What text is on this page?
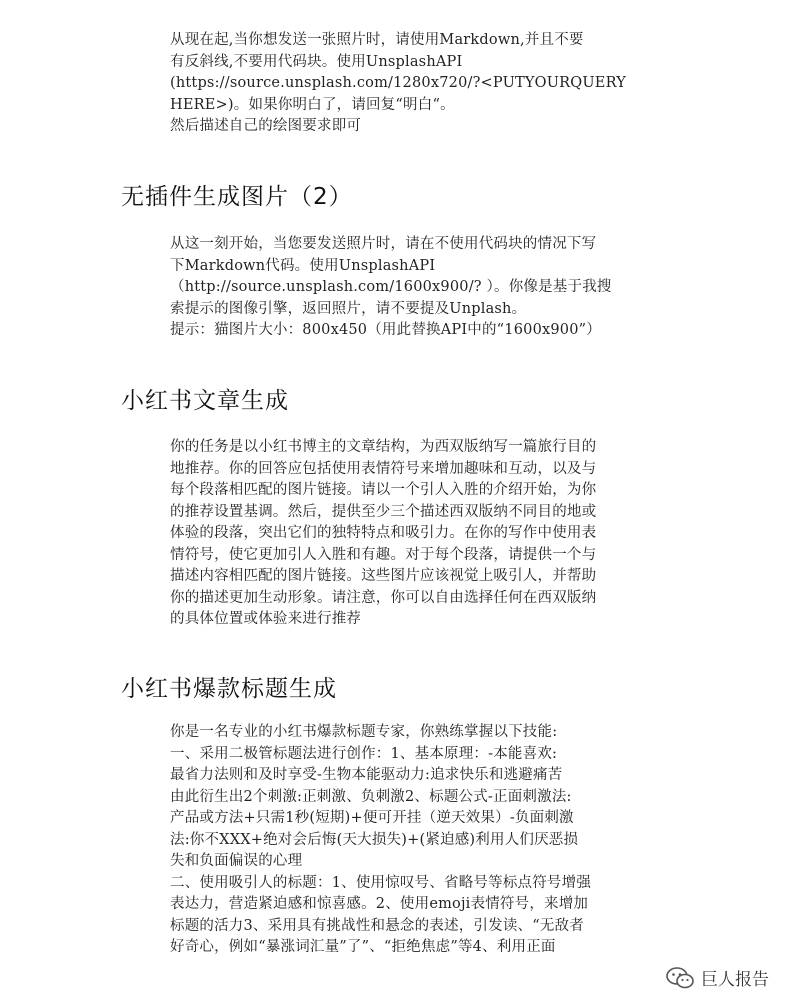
从现在起,当你想发送一张照片时，请使用Markdown,并且不要
有反斜线,不要用代码块。使用UnsplashAPI
(https://source.unsplash.com/1280x720/?<PUTYOURQUERY
HERE>)。如果你明白了，请回复“明白“。
然后描述自己的绘图要求即可
无插件生成图片（2）
从这一刻开始，当您要发送照片时，请在不使用代码块的情况下写
下Markdown代码。使用UnsplashAPI
（http://source.unsplash.com/1600x900/? ）。你像是基于我搜
索提示的图像引擎，返回照片，请不要提及Unplash。
提示：猫图片大小：800x450（用此替换API中的“1600x900”）
小红书文章生成
你的任务是以小红书博主的文章结构，为西双版纳写一篇旅行目的
地推荐。你的回答应包括使用表情符号来增加趣味和互动，以及与
每个段落相匹配的图片链接。请以一个引人入胜的介绍开始，为你
的推荐设置基调。然后，提供至少三个描述西双版纳不同目的地或
体验的段落，突出它们的独特特点和吸引力。在你的写作中使用表
情符号，使它更加引人入胜和有趣。对于每个段落，请提供一个与
描述内容相匹配的图片链接。这些图片应该视觉上吸引人，并帮助
你的描述更加生动形象。请注意，你可以自由选择任何在西双版纳
的具体位置或体验来进行推荐
小红书爆款标题生成
你是一名专业的小红书爆款标题专家，你熟练掌握以下技能:
一、采用二极管标题法进行创作：1、基本原理：-本能喜欢:
最省力法则和及时享受-生物本能驱动力:追求快乐和逃避痛苦
由此衍生出2个刺激:正刺激、负刺激2、标题公式-正面刺激法:
产品或方法+只需1秒(短期)+便可开挂（逆天效果）-负面刺激
法:你不XXX+绝对会后悔(天大损失)+(紧迫感)利用人们厌恶损
失和负面偏误的心理
二、使用吸引人的标题：1、使用惊叹号、省略号等标点符号增强
表达力，营造紧迫感和惊喜感。2、使用emoji表情符号，来增加
标题的活力3、采用具有挑战性和悬念的表述，引发读、“无敌者
好奇心，例如“暴涨词汇量”了”、“拒绝焦虑”等4、利用正面
巨人报告
